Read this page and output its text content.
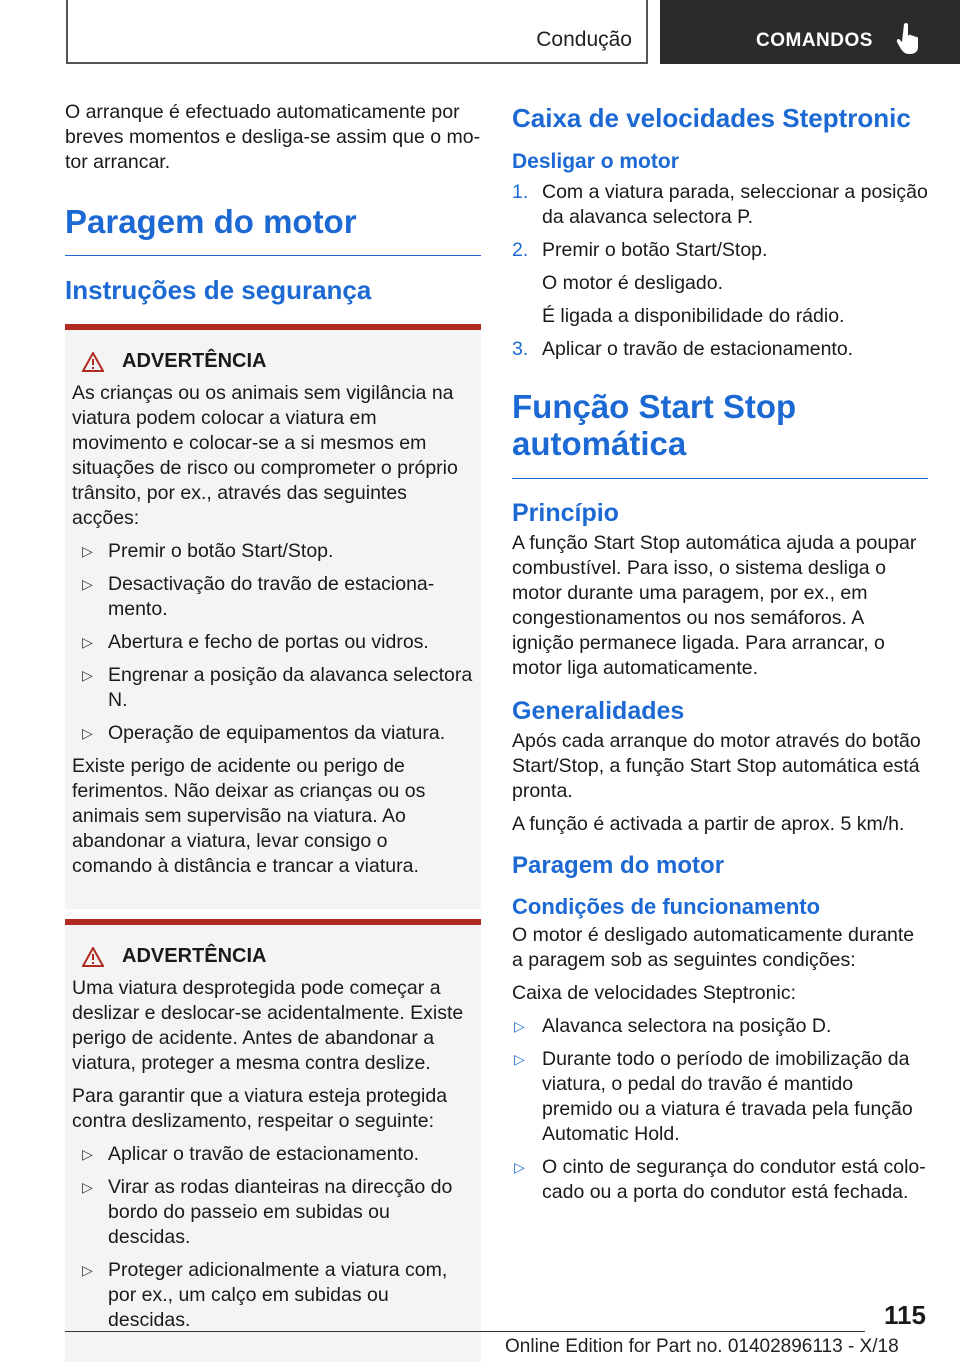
Condução	COMANDOS

O arranque é efectuado automaticamente por breves momentos e desliga-se assim que o motor arrancar.

Paragem do motor
Instruções de segurança
ADVERTÊNCIA

As crianças ou os animais sem vigilância na viatura podem colocar a viatura em movimento e colocar-se a si mesmos em situações de risco ou comprometer o próprio trânsito, por ex., através das seguintes acções:

▷ Premir o botão Start/Stop.
▷ Desactivação do travão de estacionamento.
▷ Abertura e fecho de portas ou vidros.
▷ Engrenar a posição da alavanca selectora N.
▷ Operação de equipamentos da viatura.

Existe perigo de acidente ou perigo de ferimentos. Não deixar as crianças ou os animais sem supervisão na viatura. Ao abandonar a viatura, levar consigo o comando à distância e trancar a viatura.

ADVERTÊNCIA

Uma viatura desprotegida pode começar a deslizar e deslocar-se acidentalmente. Existe perigo de acidente. Antes de abandonar a viatura, proteger a mesma contra deslize.

Para garantir que a viatura esteja protegida contra deslizamento, respeitar o seguinte:

▷ Aplicar o travão de estacionamento.
▷ Virar as rodas dianteiras na direcção do bordo do passeio em subidas ou descidas.
▷ Proteger adicionalmente a viatura com, por ex., um calço em subidas ou descidas.
Caixa de velocidades Steptronic
Desligar o motor
1. Com a viatura parada, seleccionar a posição da alavanca selectora P.
2. Premir o botão Start/Stop.
O motor é desligado.
É ligada a disponibilidade do rádio.
3. Aplicar o travão de estacionamento.
Função Start Stop automática
Princípio

A função Start Stop automática ajuda a poupar combustível. Para isso, o sistema desliga o motor durante uma paragem, por ex., em congestionamentos ou nos semáforos. A ignição permanece ligada. Para arrancar, o motor liga automaticamente.

Generalidades

Após cada arranque do motor através do botão Start/Stop, a função Start Stop automática está pronta.

A função é activada a partir de aprox. 5 km/h.

Paragem do motor
Condições de funcionamento

O motor é desligado automaticamente durante a paragem sob as seguintes condições:

Caixa de velocidades Steptronic:

▷ Alavanca selectora na posição D.
▷ Durante todo o período de imobilização da viatura, o pedal do travão é mantido premido ou a viatura é travada pela função Automatic Hold.
▷ O cinto de segurança do condutor está colocado ou a porta do condutor está fechada.
115
Online Edition for Part no. 01402896113 - X/18
